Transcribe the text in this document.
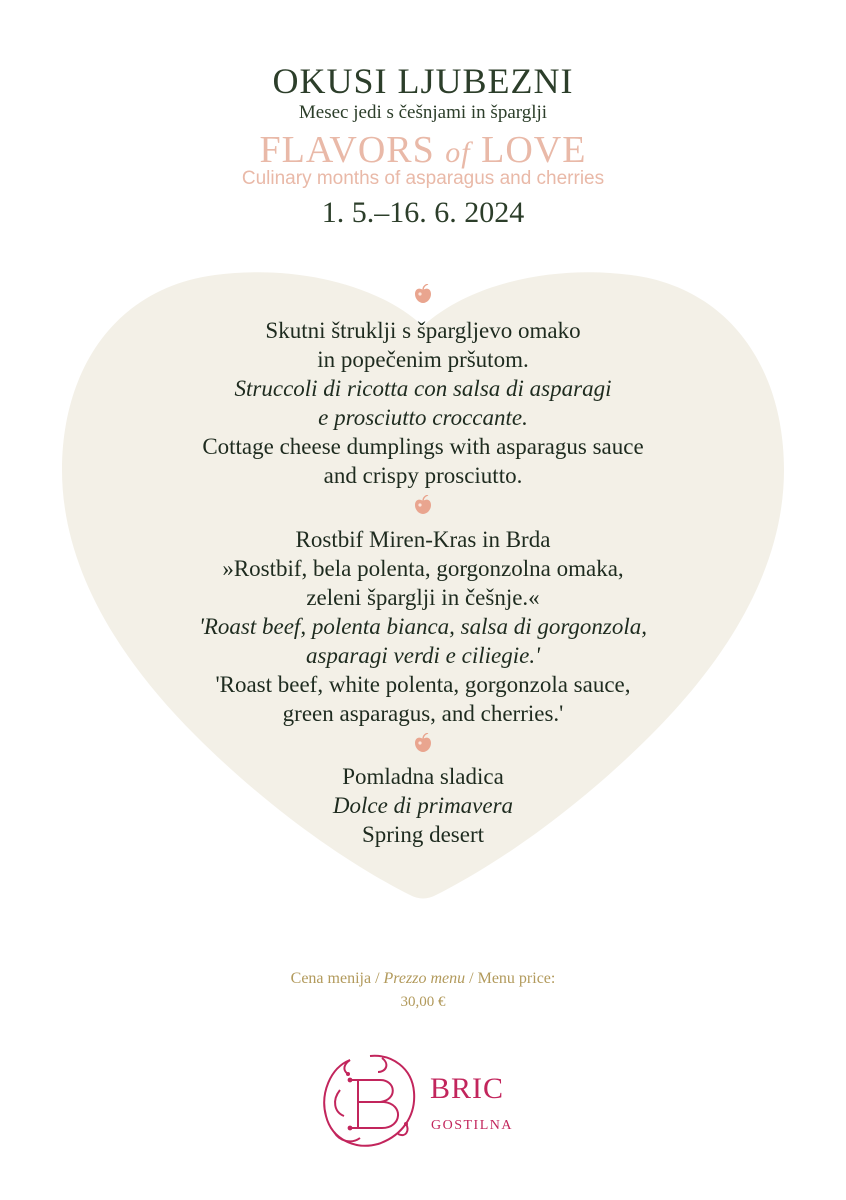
OKUSI LJUBEZNI
Mesec jedi s češnjami in šparglji
FLAVORS of LOVE
Culinary months of asparagus and cherries
1. 5.–16. 6. 2024
Skutni štruklji s špargljevo omako
in popečenim pršutom.
Struccoli di ricotta con salsa di asparagi
e prosciutto croccante.
Cottage cheese dumplings with asparagus sauce
and crispy prosciutto.
Rostbif Miren-Kras in Brda
»Rostbif, bela polenta, gorgonzolna omaka,
zeleni šparglji in češnje.«
'Roast beef, polenta bianca, salsa di gorgonzola,
asparagi verdi e ciliegie.'
'Roast beef, white polenta, gorgonzola sauce,
green asparagus, and cherries.'
Pomladna sladica
Dolce di primavera
Spring desert
Cena menija / Prezzo menu / Menu price:
30,00 €
BRIC
GOSTILNA
